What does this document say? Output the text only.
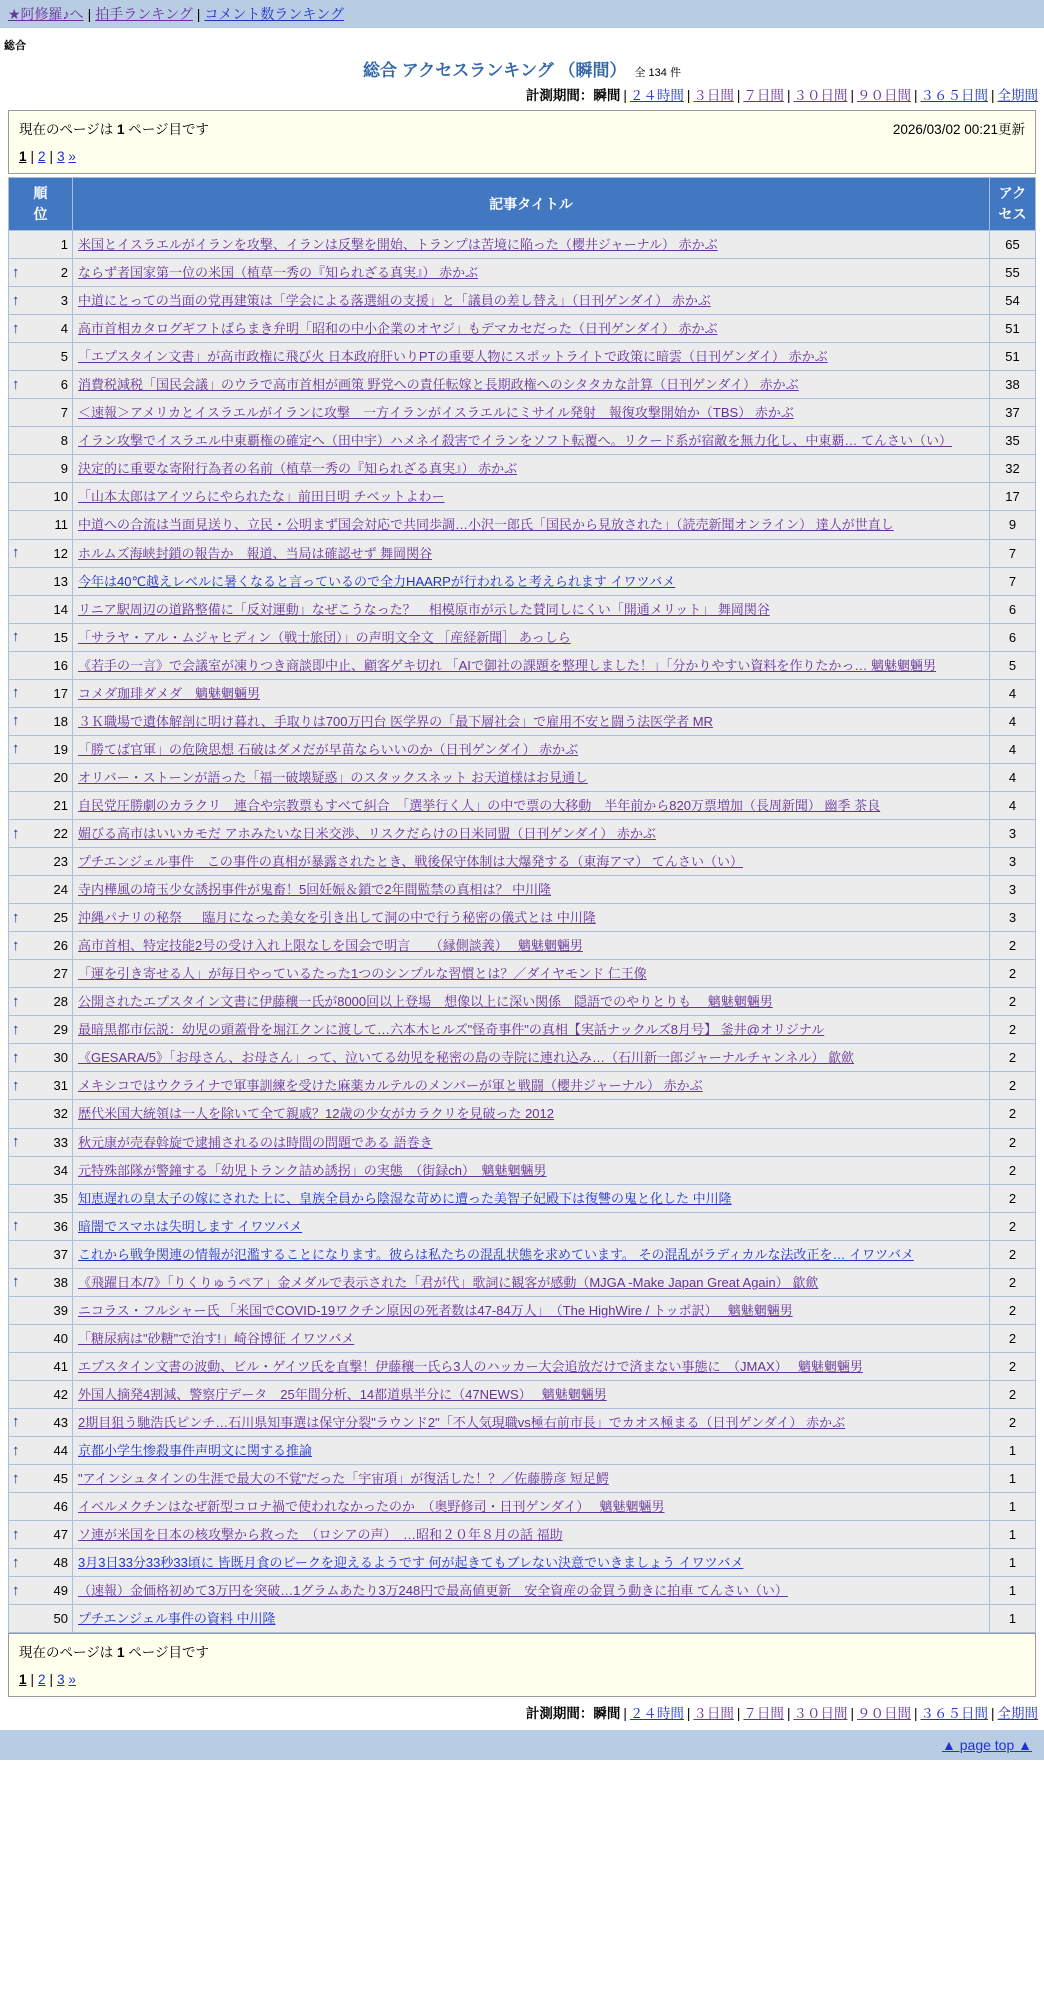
★阿修羅♪へ | 拍手ランキング | コメント数ランキング
総合
総合 アクセスランキング （瞬間） 全 134 件
計測期間：瞬間 | ２４時間 | ３日間 | ７日間 | ３０日間 | ９０日間 | ３６５日間 | 全期間
現在のページは 1 ページ目です	2026/03/02 00:21更新
1 | 2 | 3 »
順位	記事タイトル	アクセス
1	米国とイスラエルがイランを攻撃、イランは反撃を開始、トランプは苦境に陥った（櫻井ジャーナル） 赤かぶ	65

↑ 2	ならず者国家第一位の米国（植草一秀の『知られざる真実』） 赤かぶ	55

↑ 3	中道にとっての当面の党再建策は「学会による落選組の支援」と「議員の差し替え」（日刊ゲンダイ） 赤かぶ	54

↑ 4	高市首相カタログギフトばらまき弁明「昭和の中小企業のオヤジ」もデマカセだった（日刊ゲンダイ） 赤かぶ	51
5	「エプスタイン文書」が高市政権に飛び火 日本政府肝いりPTの重要人物にスポットライトで政策に暗雲（日刊ゲンダイ） 赤かぶ	51

↑ 6	消費税減税「国民会議」のウラで高市首相が画策 野党への責任転嫁と長期政権へのシタタカな計算（日刊ゲンダイ） 赤かぶ	38
7	＜速報＞アメリカとイスラエルがイランに攻撃　一方イランがイスラエルにミサイル発射　報復攻撃開始か（TBS） 赤かぶ	37
8	イラン攻撃でイスラエル中東覇権の確定へ（田中宇）ハメネイ殺害でイランをソフト転覆へ。リクード系が宿敵を無力化し、中東覇… てんさい（い）	35
9	決定的に重要な寄附行為者の名前（植草一秀の『知られざる真実』） 赤かぶ	32
10	「山本太郎はアイツらにやられたな」前田日明 チベットよわー	17
11	中道への合流は当面見送り、立民・公明まず国会対応で共同歩調…小沢一郎氏「国民から見放された」（読売新聞オンライン） 達人が世直し	9

↑ 12	ホルムズ海峡封鎖の報告か　報道、当局は確認せず 舞岡関谷	7
13	今年は40℃越えレベルに暑くなると言っているので全力HAARPが行われると考えられます イワツバメ	7
14	リニア駅周辺の道路整備に「反対運動」なぜこうなった？　相模原市が示した賛同しにくい「開通メリット」 舞岡関谷	6

↑ 15	「サラヤ・アル・ムジャヒディン（戦士旅団）」の声明文全文 ［産経新聞］ あっしら	6
16	《若手の一言》で会議室が凍りつき商談即中止、顧客ゲキ切れ 「AIで御社の課題を整理しました！」「分かりやすい資料を作りたかっ… 魑魅魍魎男	5

↑ 17	コメダ珈琲ダメダ　魑魅魍魎男	4

↑ 18	３Ｋ職場で遺体解剖に明け暮れ、手取りは700万円台 医学界の「最下層社会」で雇用不安と闘う法医学者 MR	4

↑ 19	「勝てば官軍」の危険思想 石破はダメだが早苗ならいいのか（日刊ゲンダイ） 赤かぶ	4
20	オリバー・ストーンが語った「福一破壊疑惑」のスタックスネット お天道様はお見通し	4
21	自民党圧勝劇のカラクリ　連合や宗教票もすべて糾合　「選挙行く人」の中で票の大移動　半年前から820万票増加（長周新聞） 幽季 茶良	4

↑ 22	媚びる高市はいいカモだ アホみたいな日米交渉、リスクだらけの日米同盟（日刊ゲンダイ） 赤かぶ	3
23	プチエンジェル事件　この事件の真相が暴露されたとき、戦後保守体制は大爆発する（東海アマ） てんさい（い）	3
24	寺内樺風の埼玉少女誘拐事件が鬼畜！5回妊娠＆鎖で2年間監禁の真相は？ 中川隆	3

↑ 25	沖縄パナリの秘祭 ＿ 臨月になった美女を引き出して洞の中で行う秘密の儀式とは 中川隆	3

↑ 26	高市首相、特定技能2号の受け入れ上限なしを国会で明言　　（縁側談義）　 魑魅魍魎男	2
27	「運を引き寄せる人」が毎日やっているたった1つのシンプルな習慣とは？／ダイヤモンド 仁王像	2

↑ 28	公開されたエプスタイン文書に伊藤穰一氏が8000回以上登場　想像以上に深い関係　隠語でのやりとりも　 魑魅魍魎男	2

↑ 29	最暗黒都市伝説：幼児の頭蓋骨を堀江クンに渡して…六本木ヒルズ"怪奇事件"の真相【実話ナックルズ8月号】 釜井@オリジナル	2

↑ 30	《GESARA/5》「お母さん、お母さん」って、泣いてる幼児を秘密の島の寺院に連れ込み…（石川新一郎ジャーナルチャンネル） 歙歛	2

↑ 31	メキシコではウクライナで軍事訓練を受けた麻薬カルテルのメンバーが軍と戦闘（櫻井ジャーナル） 赤かぶ	2
32	歴代米国大統領は一人を除いて全て親戚？12歳の少女がカラクリを見破った 2012	2

↑ 33	秋元康が売春斡旋で逮捕されるのは時間の問題である 語巻き	2
34	元特殊部隊が警鐘する「幼児トランク詰め誘拐」の実態　（街録ch）　魑魅魍魎男	2
35	知恵遅れの皇太子の嫁にされた上に、皇族全員から陰湿な苛めに遭った美智子妃殿下は復讐の鬼と化した 中川隆	2

↑ 36	暗闇でスマホは失明します イワツバメ	2
37	これから戦争関連の情報が氾濫することになります。彼らは私たちの混乱状態を求めています。 その混乱がラディカルな法改正を… イワツバメ	2

↑ 38	《飛躍日本/7》「りくりゅうペア」金メダルで表示された「君が代」歌詞に観客が感動（MJGA -Make Japan Great Again） 歙歛	2
39	ニコラス・フルシャー氏 「米国でCOVID-19ワクチン原因の死者数は47-84万人」　（The HighWire / トッポ訳）　 魑魅魍魎男	2
40	「糖尿病は"砂糖"で治す!」崎谷博征 イワツバメ	2
41	エプスタイン文書の波動、ビル・ゲイツ氏を直撃！伊藤穰一氏ら3人のハッカー大会追放だけで済まない事態に　（JMAX）　 魑魅魍魎男	2
42	外国人摘発4割減、警察庁データ　25年間分析、14都道県半分に（47NEWS）　 魑魅魍魎男	2

↑ 43	2期目狙う馳浩氏ピンチ…石川県知事選は保守分裂"ラウンド2"「不人気現職vs極右前市長」でカオス極まる（日刊ゲンダイ） 赤かぶ	2

↑ 44	京都小学生惨殺事件声明文に関する推論	1

↑ 45	"アインシュタインの生涯で最大の不覚"だった「宇宙項」が復活した！？／佐藤勝彦 短足鰐	1
46	イベルメクチンはなぜ新型コロナ禍で使われなかったのか　（奥野修司・日刊ゲンダイ）　 魑魅魍魎男	1

↑ 47	ソ連が米国を日本の核攻撃から救った　（ロシアの声）　…昭和２０年８月の話 福助	1

↑ 48	3月3日33分33秒33頃に 皆既月食のピークを迎えるようです 何が起きてもブレない決意でいきましょう イワツバメ	1

↑ 49	（速報）金価格初めて3万円を突破…1グラムあたり3万248円で最高値更新　安全資産の金買う動きに拍車 てんさい（い）	1
50	プチエンジェル事件の資料 中川隆	1
現在のページは 1 ページ目です
1 | 2 | 3 »
計測期間：瞬間 | ２４時間 | ３日間 | ７日間 | ３０日間 | ９０日間 | ３６５日間 | 全期間
▲ page top ▲
